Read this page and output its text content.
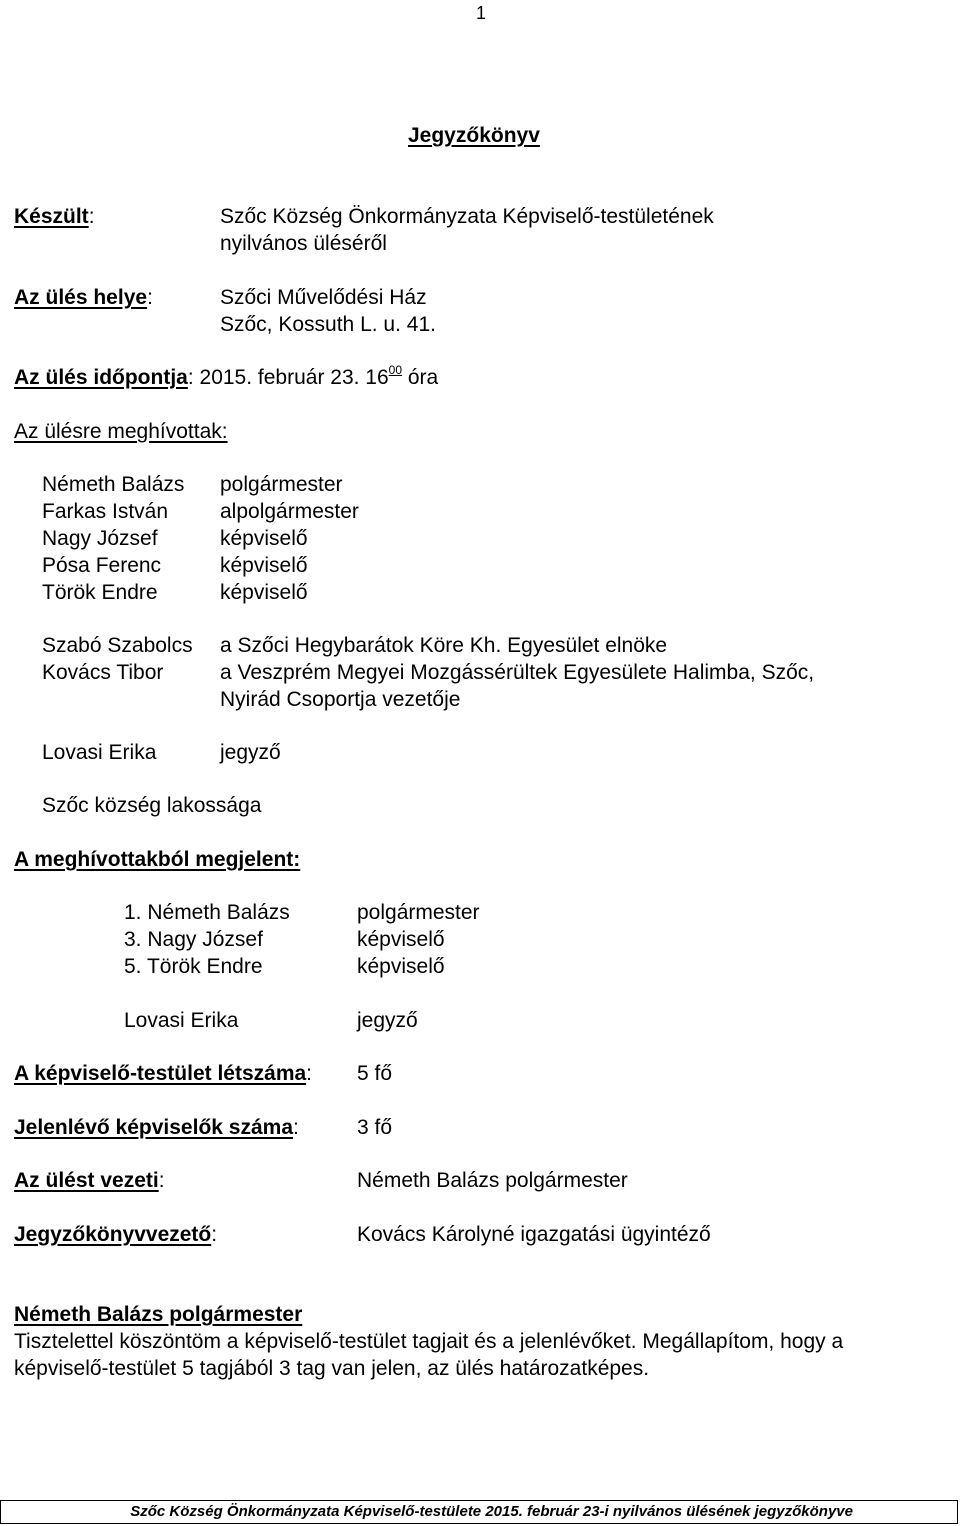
1
Jegyzőkönyv
Készült:	Szőc Község Önkormányzata Képviselő-testületének
nyilvános üléséről
Az ülés helye:	Szőci Művelődési Ház
Szőc, Kossuth L. u. 41.
Az ülés időpontja: 2015. február 23. $16^{00}$ óra
Az ülésre meghívottak:
Németh Balázs polgármester
Farkas István alpolgármester
Nagy József	képviselő
Pósa Ferenc	képviselő
Török Endre	képviselő
Szabó Szabolcs a Szőci Hegybarátok Köre Kh. Egyesület elnöke
Kovács Tibor	a Veszprém Megyei Mozgássérültek Egyesülete Halimba, Szőc,
Nyirád Csoportja vezetője
Lovasi Erika	jegyző
Szőc község lakossága
A meghívottakból megjelent:
1. Németh Balázs	polgármester
3. Nagy József	képviselő
5. Török Endre	képviselő
Lovasi Erika	jegyző
A képviselő-testület létszáma: 5 fő
Jelenlévő képviselők száma:	3 fő
Az ülést vezeti:	Németh Balázs polgármester
Jegyzőkönyvvezető:	Kovács Károlyné igazgatási ügyintéző
Németh Balázs polgármester
Tisztelettel köszöntöm a képviselő-testület tagjait és a jelenlévőket. Megállapítom, hogy a
képviselő-testület 5 tagjából 3 tag van jelen, az ülés határozatképes.
Szőc Község Önkormányzata Képviselő-testülete 2015. február 23-i nyilvános ülésének jegyzőkönyve
